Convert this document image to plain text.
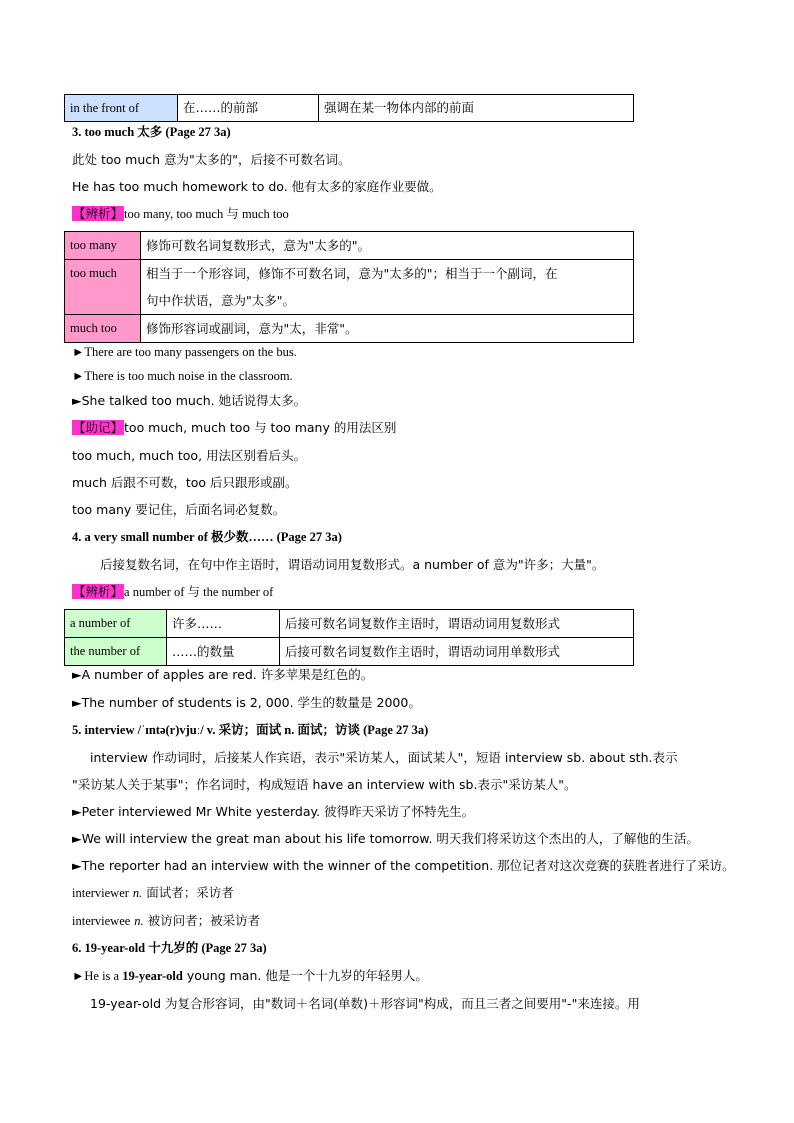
in the front of	在……的前部	强调在某一物体内部的前面
3. too much 太多 (Page 27 3a)
此处 too much 意为"太多的"，后接不可数名词。
He has too much homework to do. 他有太多的家庭作业要做。
【辨析】too many, too much 与 much too
too many	修饰可数名词复数形式，意为"太多的"。
too much	相当于一个形容词，修饰不可数名词，意为"太多的"；相当于一个副词，在
句中作状语，意为"太多"。

much too	修饰形容词或副词，意为"太，非常"。
►There are too many passengers on the bus.
►There is too much noise in the classroom.
►She talked too much. 她话说得太多。
【助记】too much, much too 与 too many 的用法区别
too much, much too, 用法区别看后头。
much 后跟不可数，too 后只跟形或副。
too many 要记住，后面名词必复数。
4. a very small number of 极少数…… (Page 27 3a)
后接复数名词，在句中作主语时，谓语动词用复数形式。a number of 意为"许多；大量"。
【辨析】a number of 与 the number of
a number of	许多……	后接可数名词复数作主语时，谓语动词用复数形式
the number of	……的数量	后接可数名词复数作主语时，谓语动词用单数形式
►A number of apples are red. 许多苹果是红色的。
►The number of students is 2, 000. 学生的数量是 2000。
5. interview /ˈɪntə(r)vjuː/ v. 采访；面试 n. 面试；访谈 (Page 27 3a)
interview 作动词时，后接某人作宾语，表示"采访某人，面试某人"，短语 interview sb. about sth.表示
"采访某人关于某事"；作名词时，构成短语 have an interview with sb.表示"采访某人"。
►Peter interviewed Mr White yesterday. 彼得昨天采访了怀特先生。
►We will interview the great man about his life tomorrow. 明天我们将采访这个杰出的人，了解他的生活。
►The reporter had an interview with the winner of the competition. 那位记者对这次竞赛的获胜者进行了采访。
interviewer n. 面试者；采访者
interviewee n. 被访问者；被采访者
6. 19-year-old 十九岁的 (Page 27 3a)
►He is a 19-year-old young man. 他是一个十九岁的年轻男人。
19-year-old 为复合形容词，由"数词＋名词(单数)＋形容词"构成，而且三者之间要用"-"来连接。用
